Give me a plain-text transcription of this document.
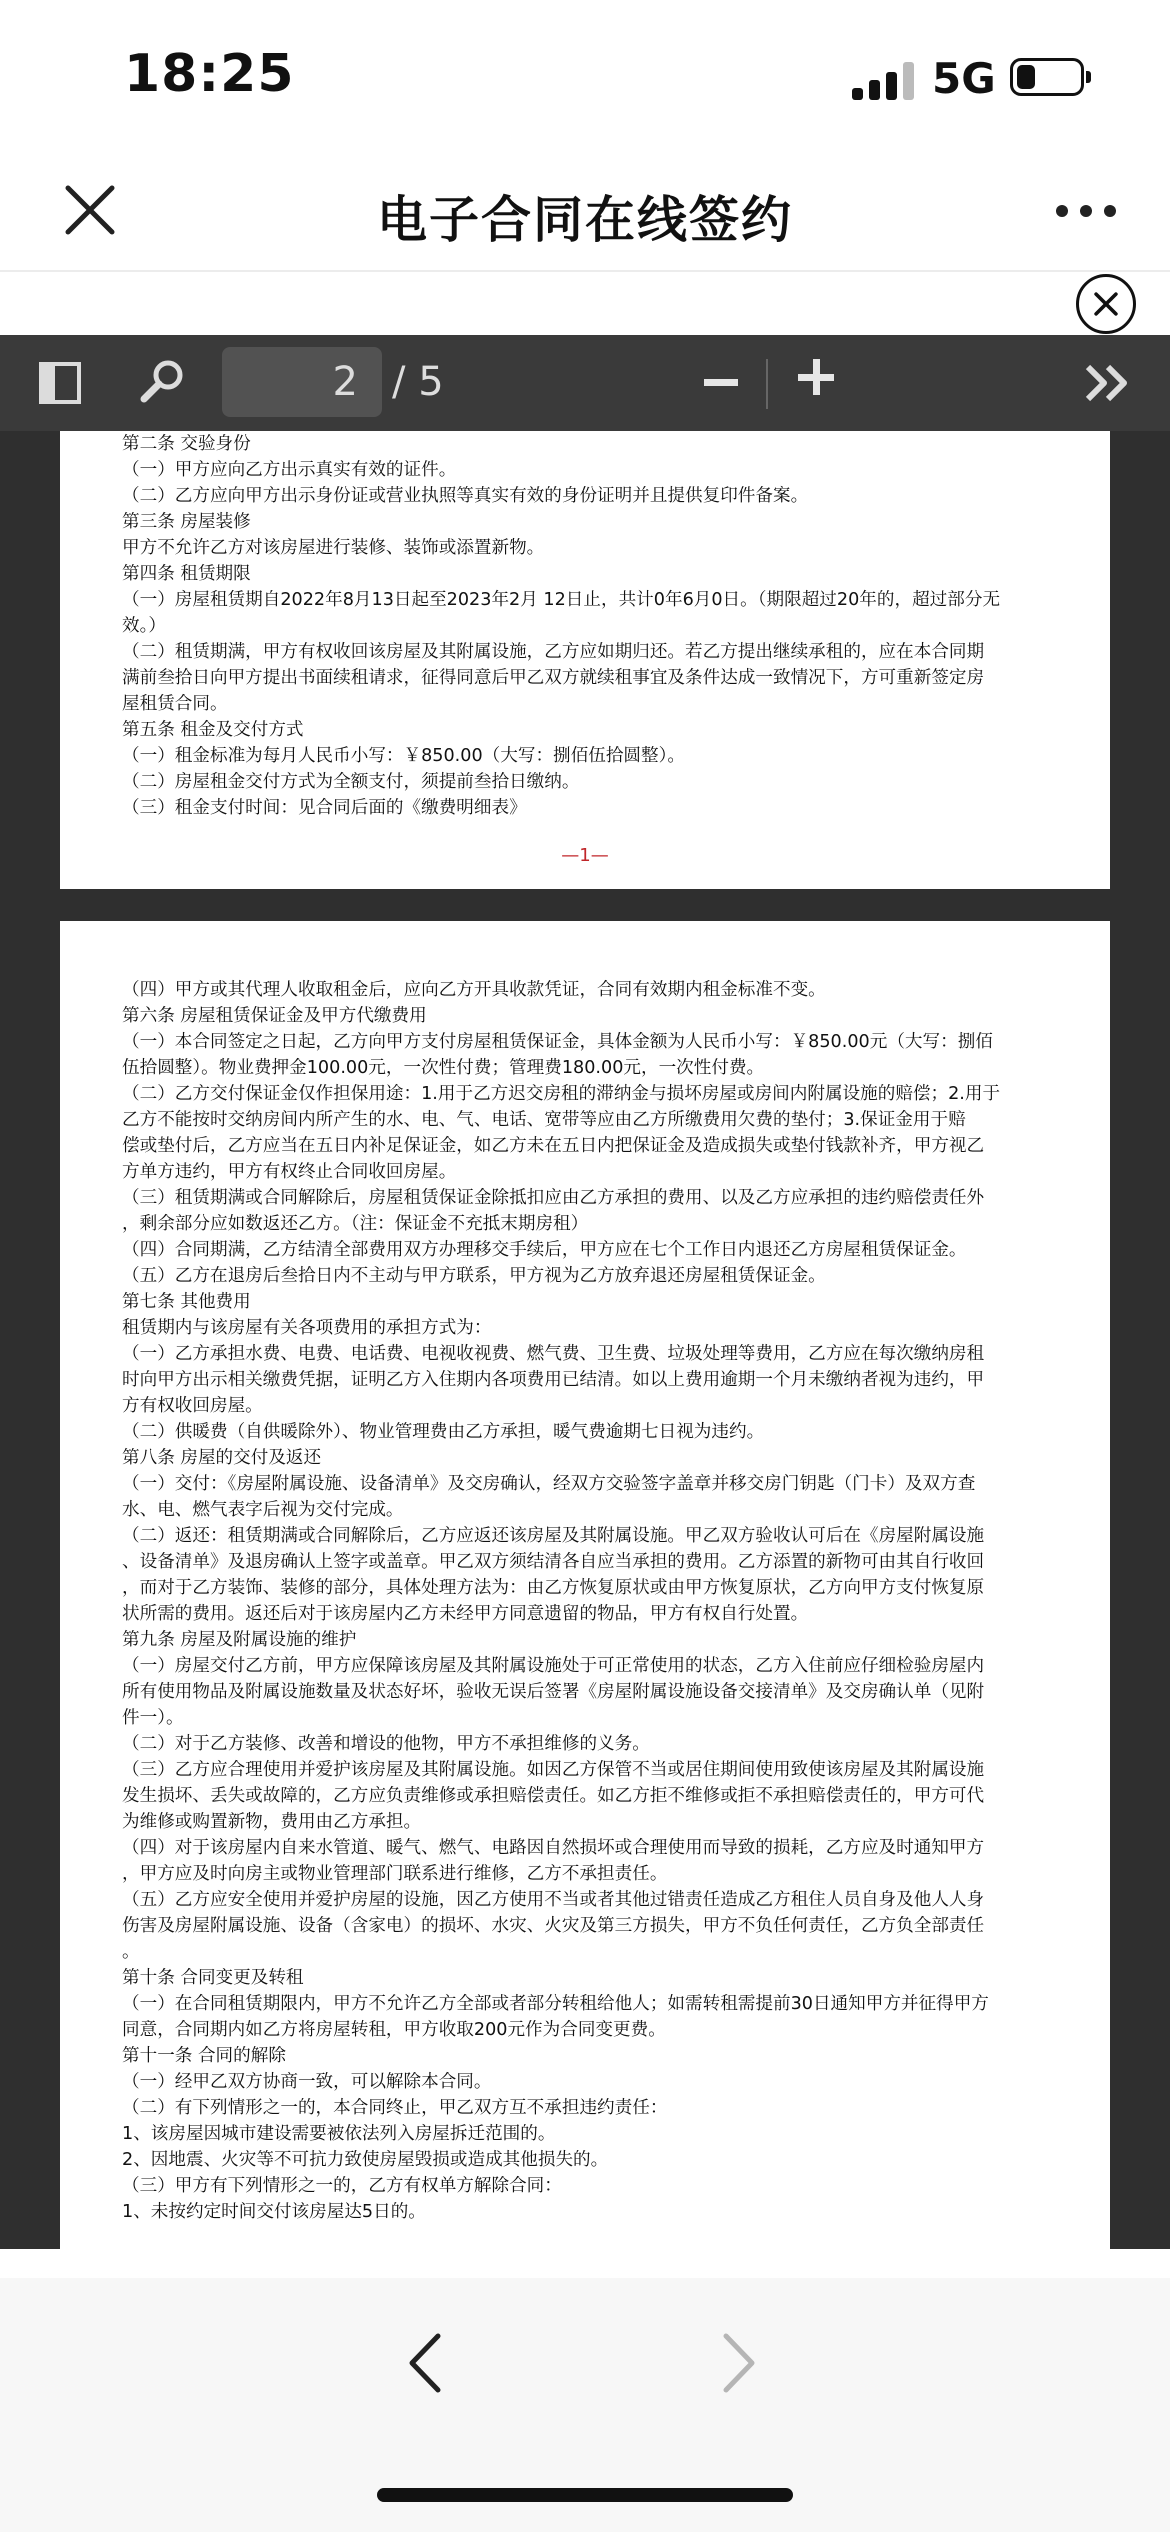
18:25	5G
电子合同在线签约
2 / 5
第二条 交验身份
（一）甲方应向乙方出示真实有效的证件。
（二）乙方应向甲方出示身份证或营业执照等真实有效的身份证明并且提供复印件备案。
第三条 房屋装修
甲方不允许乙方对该房屋进行装修、装饰或添置新物。
第四条 租赁期限
（一）房屋租赁期自2022年8月13日起至2023年2月 12日止，共计0年6月0日。（期限超过20年的，超过部分无
效。）
（二）租赁期满，甲方有权收回该房屋及其附属设施，乙方应如期归还。若乙方提出继续承租的，应在本合同期
满前叁拾日向甲方提出书面续租请求，征得同意后甲乙双方就续租事宜及条件达成一致情况下，方可重新签定房
屋租赁合同。
第五条 租金及交付方式
（一）租金标准为每月人民币小写：￥850.00（大写：捌佰伍拾圆整）。
（二）房屋租金交付方式为全额支付，须提前叁拾日缴纳。
（三）租金支付时间：见合同后面的《缴费明细表》
—1—
（四）甲方或其代理人收取租金后，应向乙方开具收款凭证，合同有效期内租金标准不变。
第六条 房屋租赁保证金及甲方代缴费用
（一）本合同签定之日起，乙方向甲方支付房屋租赁保证金，具体金额为人民币小写：￥850.00元（大写：捌佰
伍拾圆整）。物业费押金100.00元，一次性付费；管理费180.00元，一次性付费。
（二）乙方交付保证金仅作担保用途：1.用于乙方迟交房租的滞纳金与损坏房屋或房间内附属设施的赔偿；2.用于
乙方不能按时交纳房间内所产生的水、电、气、电话、宽带等应由乙方所缴费用欠费的垫付；3.保证金用于赔
偿或垫付后，乙方应当在五日内补足保证金，如乙方未在五日内把保证金及造成损失或垫付钱款补齐，甲方视乙
方单方违约，甲方有权终止合同收回房屋。
（三）租赁期满或合同解除后，房屋租赁保证金除抵扣应由乙方承担的费用、以及乙方应承担的违约赔偿责任外
，剩余部分应如数返还乙方。（注：保证金不充抵末期房租）
（四）合同期满，乙方结清全部费用双方办理移交手续后，甲方应在七个工作日内退还乙方房屋租赁保证金。
（五）乙方在退房后叁拾日内不主动与甲方联系，甲方视为乙方放弃退还房屋租赁保证金。
第七条 其他费用
租赁期内与该房屋有关各项费用的承担方式为：
（一）乙方承担水费、电费、电话费、电视收视费、燃气费、卫生费、垃圾处理等费用，乙方应在每次缴纳房租
时向甲方出示相关缴费凭据，证明乙方入住期内各项费用已结清。如以上费用逾期一个月未缴纳者视为违约，甲
方有权收回房屋。
（二）供暖费（自供暖除外）、物业管理费由乙方承担，暖气费逾期七日视为违约。
第八条 房屋的交付及返还
（一）交付：《房屋附属设施、设备清单》及交房确认，经双方交验签字盖章并移交房门钥匙（门卡）及双方查
水、电、燃气表字后视为交付完成。
（二）返还：租赁期满或合同解除后，乙方应返还该房屋及其附属设施。甲乙双方验收认可后在《房屋附属设施
、设备清单》及退房确认上签字或盖章。甲乙双方须结清各自应当承担的费用。乙方添置的新物可由其自行收回
，而对于乙方装饰、装修的部分，具体处理方法为：由乙方恢复原状或由甲方恢复原状，乙方向甲方支付恢复原
状所需的费用。返还后对于该房屋内乙方未经甲方同意遗留的物品，甲方有权自行处置。
第九条 房屋及附属设施的维护
（一）房屋交付乙方前，甲方应保障该房屋及其附属设施处于可正常使用的状态，乙方入住前应仔细检验房屋内
所有使用物品及附属设施数量及状态好坏，验收无误后签署《房屋附属设施设备交接清单》及交房确认单（见附
件一）。
（二）对于乙方装修、改善和增设的他物，甲方不承担维修的义务。
（三）乙方应合理使用并爱护该房屋及其附属设施。如因乙方保管不当或居住期间使用致使该房屋及其附属设施
发生损坏、丢失或故障的，乙方应负责维修或承担赔偿责任。如乙方拒不维修或拒不承担赔偿责任的，甲方可代
为维修或购置新物，费用由乙方承担。
（四）对于该房屋内自来水管道、暖气、燃气、电路因自然损坏或合理使用而导致的损耗，乙方应及时通知甲方
，甲方应及时向房主或物业管理部门联系进行维修，乙方不承担责任。
（五）乙方应安全使用并爱护房屋的设施，因乙方使用不当或者其他过错责任造成乙方租住人员自身及他人人身
伤害及房屋附属设施、设备（含家电）的损坏、水灾、火灾及第三方损失，甲方不负任何责任，乙方负全部责任
。
第十条 合同变更及转租
（一）在合同租赁期限内，甲方不允许乙方全部或者部分转租给他人；如需转租需提前30日通知甲方并征得甲方
同意，合同期内如乙方将房屋转租，甲方收取200元作为合同变更费。
第十一条 合同的解除
（一）经甲乙双方协商一致，可以解除本合同。
（二）有下列情形之一的，本合同终止，甲乙双方互不承担违约责任：
1、该房屋因城市建设需要被依法列入房屋拆迁范围的。
2、因地震、火灾等不可抗力致使房屋毁损或造成其他损失的。
（三）甲方有下列情形之一的，乙方有权单方解除合同：
1、未按约定时间交付该房屋达5日的。
